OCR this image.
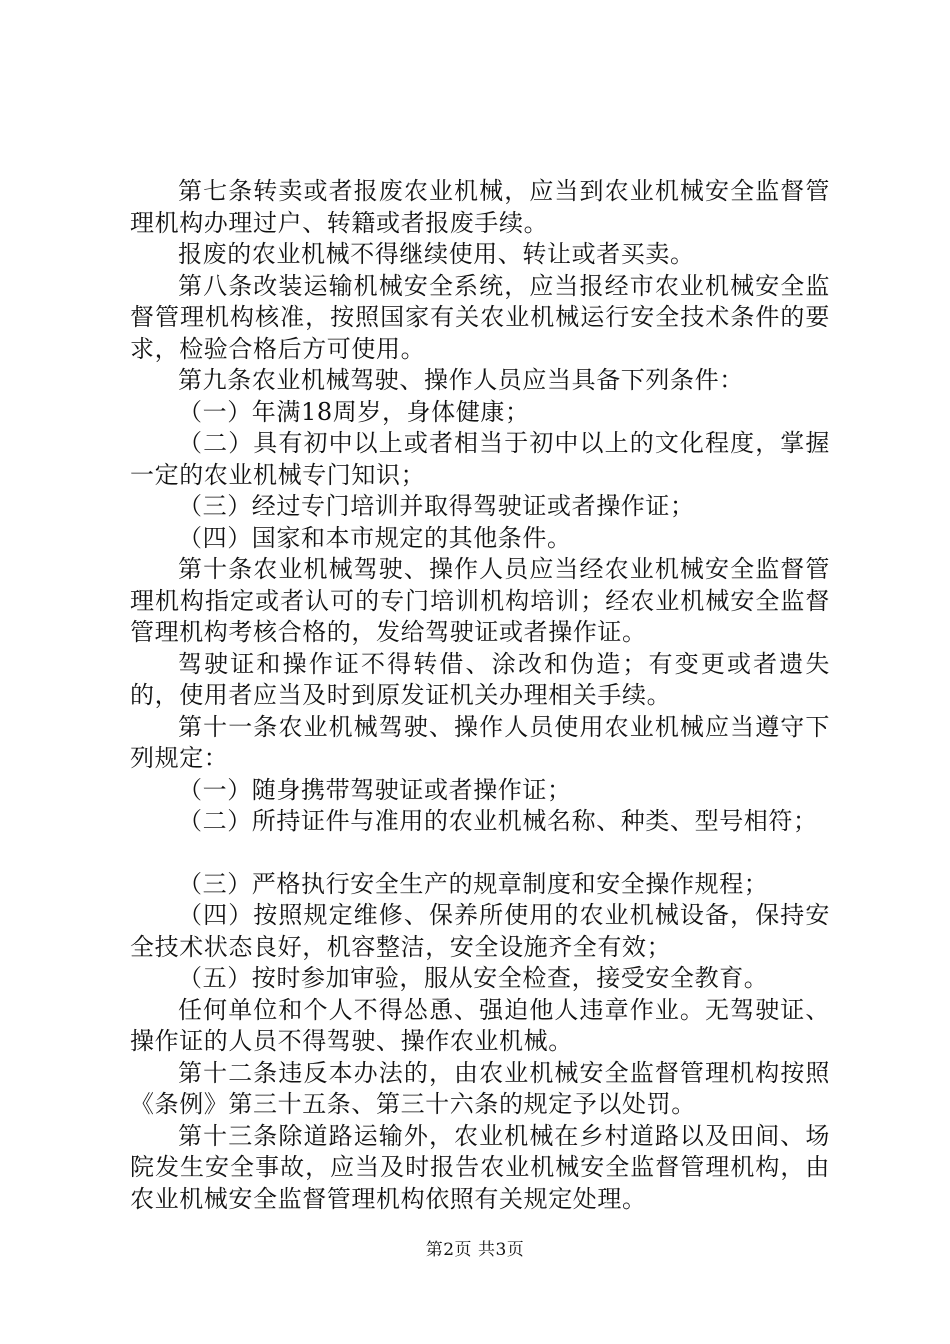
第七条转卖或者报废农业机械，应当到农业机械安全监督管理机构办理过户、转籍或者报废手续。

报废的农业机械不得继续使用、转让或者买卖。

第八条改装运输机械安全系统，应当报经市农业机械安全监督管理机构核准，按照国家有关农业机械运行安全技术条件的要求，检验合格后方可使用。

第九条农业机械驾驶、操作人员应当具备下列条件：

（一）年满18周岁，身体健康；

（二）具有初中以上或者相当于初中以上的文化程度，掌握一定的农业机械专门知识；

（三）经过专门培训并取得驾驶证或者操作证；

（四）国家和本市规定的其他条件。

第十条农业机械驾驶、操作人员应当经农业机械安全监督管理机构指定或者认可的专门培训机构培训；经农业机械安全监督管理机构考核合格的，发给驾驶证或者操作证。

驾驶证和操作证不得转借、涂改和伪造；有变更或者遗失的，使用者应当及时到原发证机关办理相关手续。

第十一条农业机械驾驶、操作人员使用农业机械应当遵守下列规定：

（一）随身携带驾驶证或者操作证；

（二）所持证件与准用的农业机械名称、种类、型号相符；

（三）严格执行安全生产的规章制度和安全操作规程；

（四）按照规定维修、保养所使用的农业机械设备，保持安全技术状态良好，机容整洁，安全设施齐全有效；

（五）按时参加审验，服从安全检查，接受安全教育。

任何单位和个人不得怂恿、强迫他人违章作业。无驾驶证、操作证的人员不得驾驶、操作农业机械。

第十二条违反本办法的，由农业机械安全监督管理机构按照《条例》第三十五条、第三十六条的规定予以处罚。

第十三条除道路运输外，农业机械在乡村道路以及田间、场院发生安全事故，应当及时报告农业机械安全监督管理机构，由农业机械安全监督管理机构依照有关规定处理。

第2页 共3页
